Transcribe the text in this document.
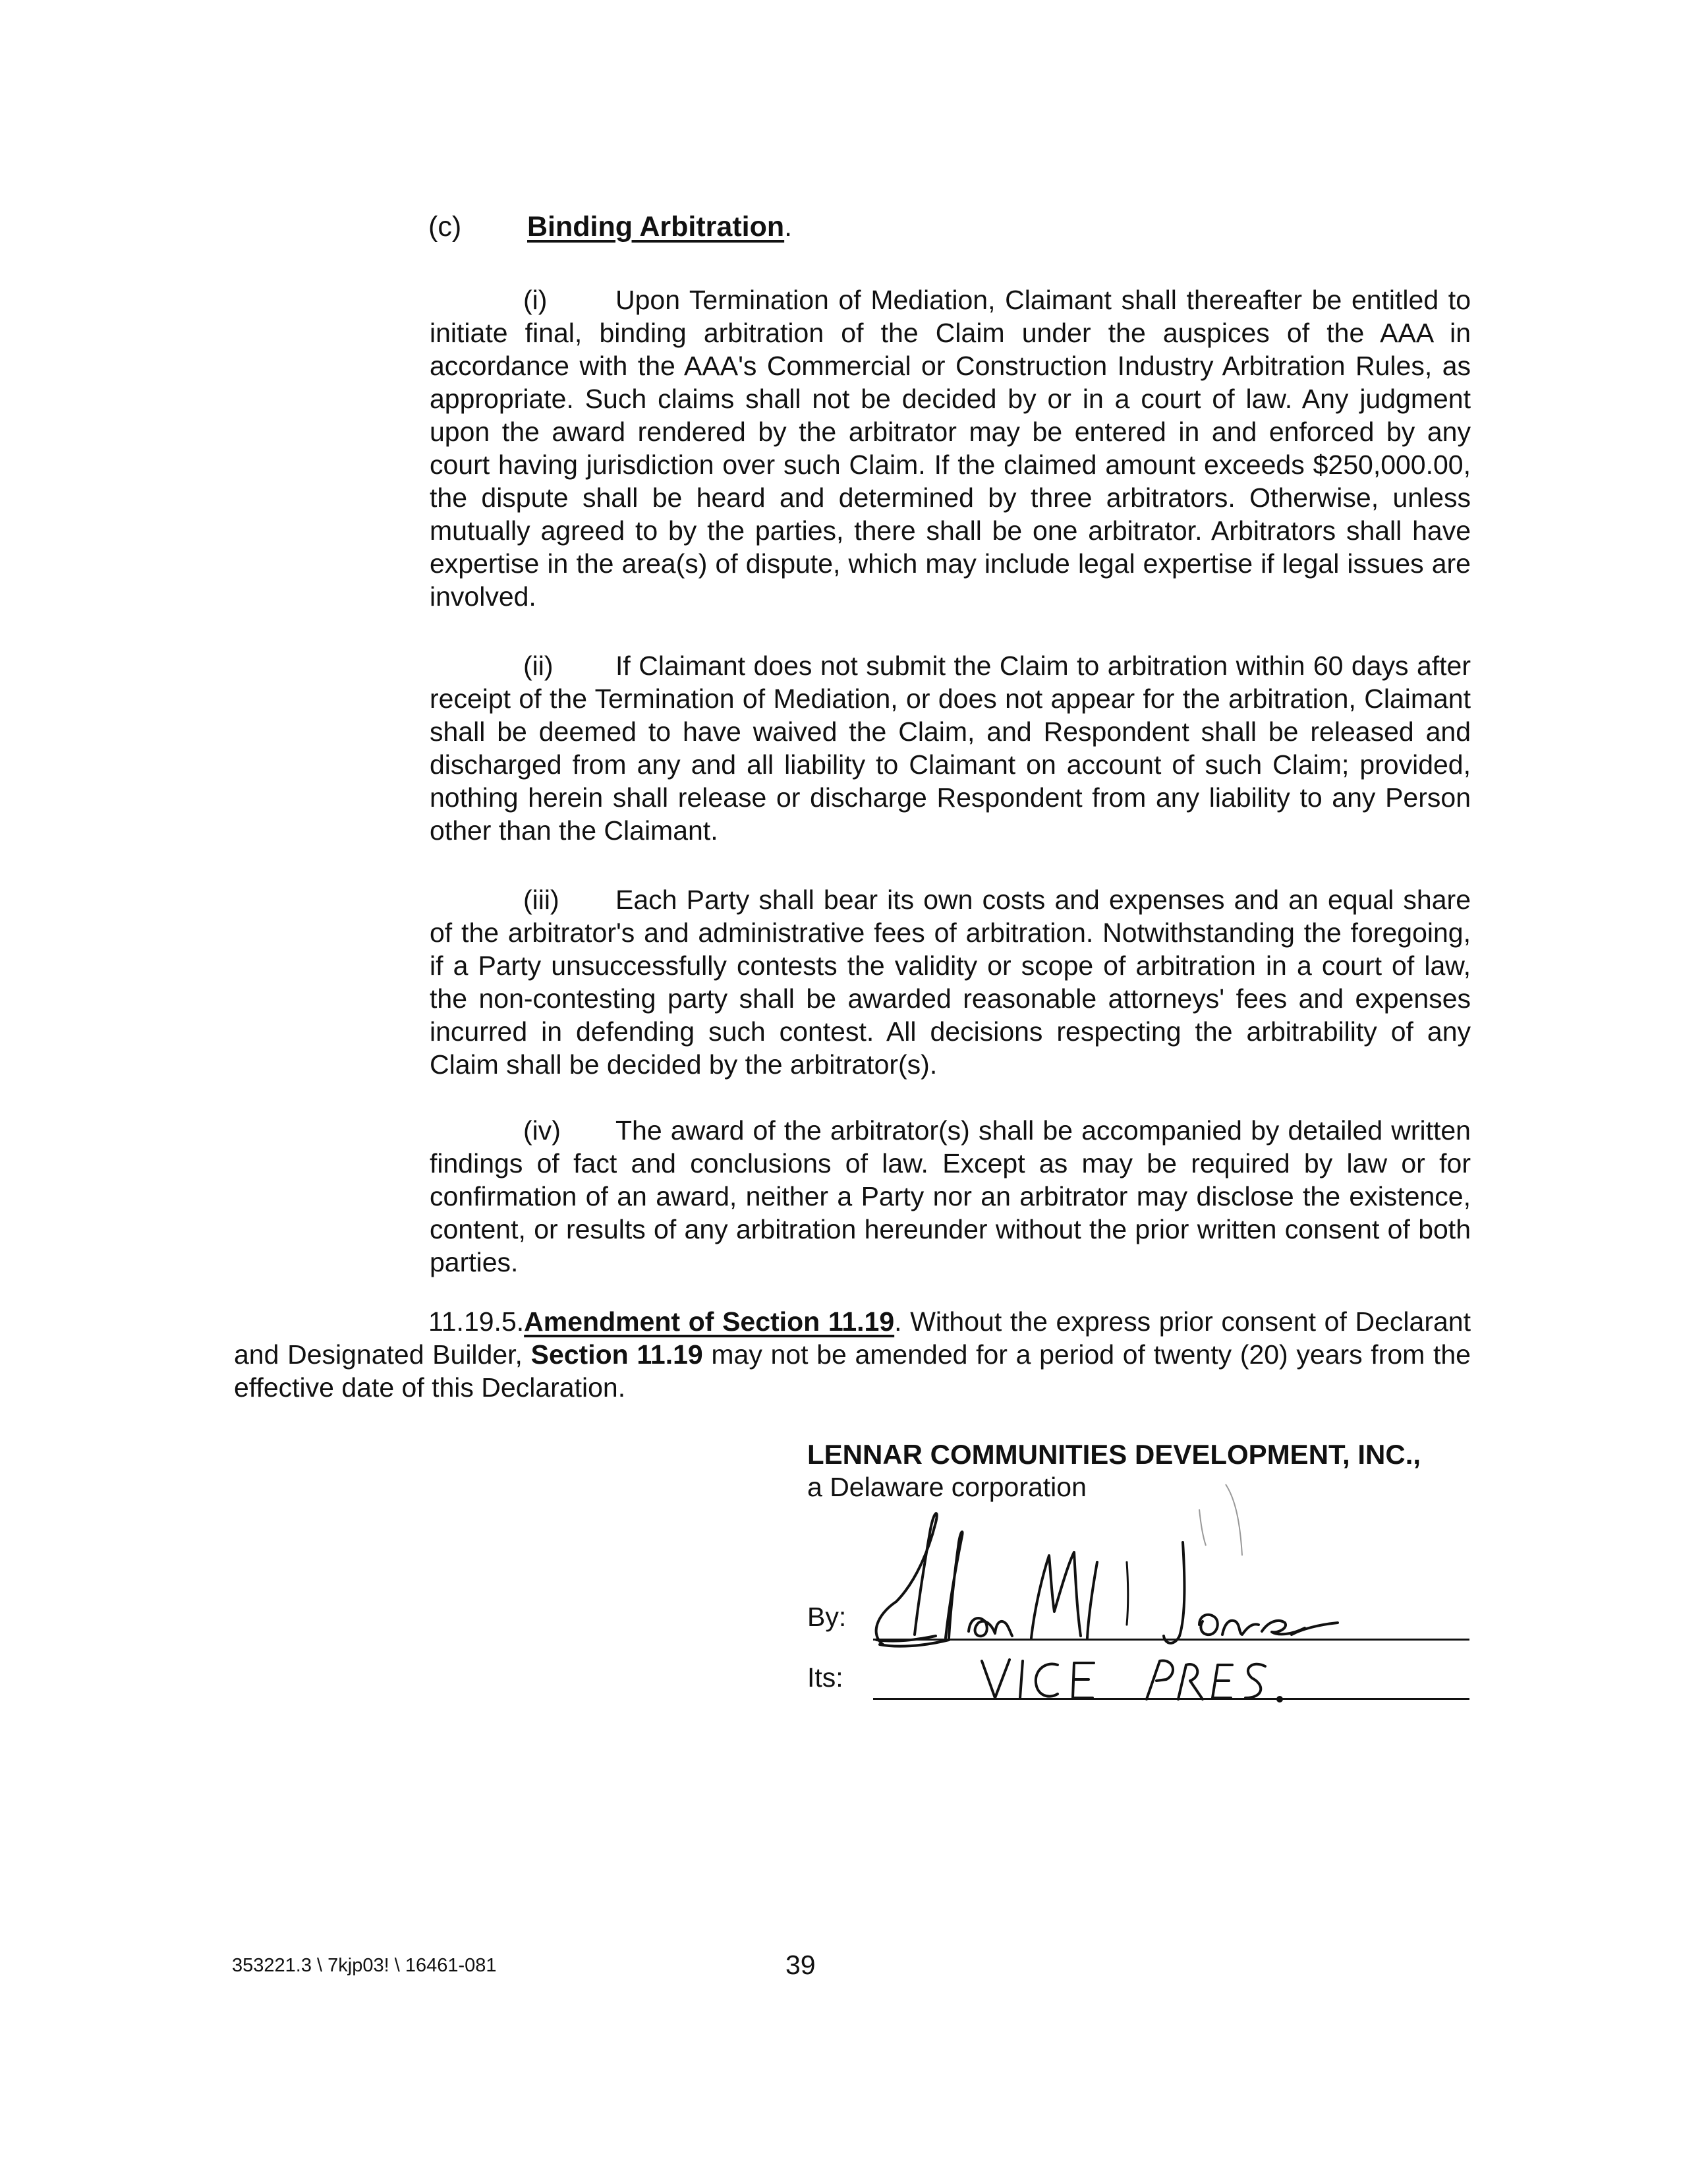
(c) Binding Arbitration.

(i)	Upon Termination of Mediation, Claimant shall thereafter be entitled to initiate final, binding arbitration of the Claim under the auspices of the AAA in accordance with the AAA's Commercial or Construction Industry Arbitration Rules, as appropriate. Such claims shall not be decided by or in a court of law. Any judgment upon the award rendered by the arbitrator may be entered in and enforced by any court having jurisdiction over such Claim. If the claimed amount exceeds $250,000.00, the dispute shall be heard and determined by three arbitrators. Otherwise, unless mutually agreed to by the parties, there shall be one arbitrator. Arbitrators shall have expertise in the area(s) of dispute, which may include legal expertise if legal issues are involved.

(ii) If Claimant does not submit the Claim to arbitration within 60 days after receipt of the Termination of Mediation, or does not appear for the arbitration, Claimant shall be deemed to have waived the Claim, and Respondent shall be released and discharged from any and all liability to Claimant on account of such Claim; provided, nothing herein shall release or discharge Respondent from any liability to any Person other than the Claimant.

(iii) Each Party shall bear its own costs and expenses and an equal share of the arbitrator's and administrative fees of arbitration. Notwithstanding the foregoing, if a Party unsuccessfully contests the validity or scope of arbitration in a court of law, the non-contesting party shall be awarded reasonable attorneys' fees and expenses incurred in defending such contest. All decisions respecting the arbitrability of any Claim shall be decided by the arbitrator(s).

(iv) The award of the arbitrator(s) shall be accompanied by detailed written findings of fact and conclusions of law. Except as may be required by law or for confirmation of an award, neither a Party nor an arbitrator may disclose the existence, content, or results of any arbitration hereunder without the prior written consent of both parties.

11.19.5.Amendment of Section 11.19. Without the express prior consent of Declarant and Designated Builder, Section 11.19 may not be amended for a period of twenty (20) years from the effective date of this Declaration.

LENNAR COMMUNITIES DEVELOPMENT, INC.,
a Delaware corporation
By:
Its:
353221.3 \ 7kjp03! \ 16461-081	39
